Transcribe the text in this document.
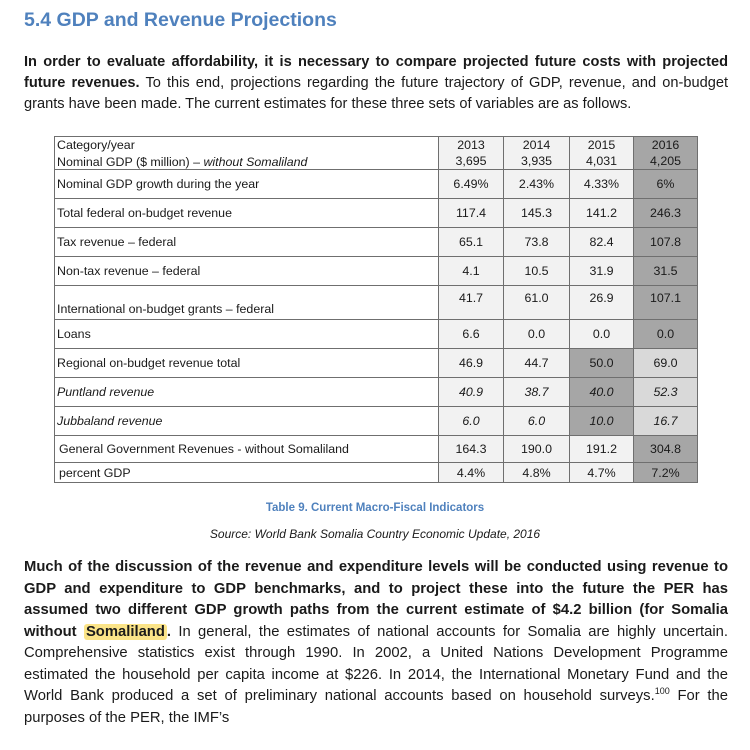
5.4 GDP and Revenue Projections
In order to evaluate affordability, it is necessary to compare projected future costs with projected future revenues. To this end, projections regarding the future trajectory of GDP, revenue, and on-budget grants have been made. The current estimates for these three sets of variables are as follows.
Category/year	2013	2014	2015	2016
Nominal GDP ($ million) – without Somaliland	3,695	3,935	4,031	4,205
Nominal GDP growth during the year	6.49%	2.43%	4.33%	6%
Total federal on-budget revenue	117.4	145.3	141.2	246.3
Tax revenue – federal	65.1	73.8	82.4	107.8
Non-tax revenue – federal	4.1	10.5	31.9	31.5
International on-budget grants – federal	41.7	61.0	26.9	107.1
Loans	6.6	0.0	0.0	0.0
Regional on-budget revenue total	46.9	44.7	50.0	69.0
Puntland revenue	40.9	38.7	40.0	52.3
Jubbaland revenue	6.0	6.0	10.0	16.7
General Government Revenues - without Somaliland	164.3	190.0	191.2	304.8
percent GDP	4.4%	4.8%	4.7%	7.2%
Table 9. Current Macro-Fiscal Indicators
Source: World Bank Somalia Country Economic Update, 2016
Much of the discussion of the revenue and expenditure levels will be conducted using revenue to GDP and expenditure to GDP benchmarks, and to project these into the future the PER has assumed two different GDP growth paths from the current estimate of $4.2 billion (for Somalia without Somaliland . In general, the estimates of national accounts for Somalia are highly uncertain. Comprehensive statistics exist through 1990. In 2002, a United Nations Development Programme estimated the household per capita income at $226. In 2014, the International Monetary Fund and the World Bank produced a set of preliminary national accounts based on household surveys.$^{100}$ For the purposes of the PER, the IMF’s
